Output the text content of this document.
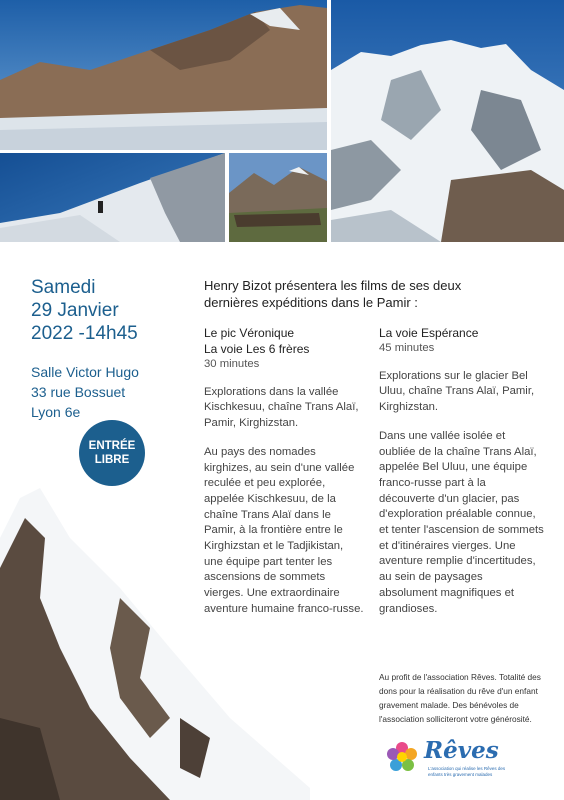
Samedi
29 Janvier
2022 -14h45
Salle Victor Hugo
33 rue Bossuet
Lyon 6e
ENTRÉE
LIBRE
Henry Bizot présentera les films de ses deux dernières expéditions dans le Pamir :
Le pic Véronique
La voie Les 6 frères
30 minutes
Explorations dans la vallée Kischkesuu, chaîne Trans Alaï, Pamir, Kirghizstan.
Au pays des nomades kirghizes, au sein d'une vallée reculée et peu explorée, appelée Kischkesuu, de la chaîne Trans Alaï dans le Pamir, à la frontière entre le Kirghizstan et le Tadjikistan, une équipe part tenter les ascensions de sommets vierges. Une extraordinaire aventure humaine franco-russe.
La voie Espérance
45 minutes
Explorations sur le glacier Bel Uluu, chaîne Trans Alaï, Pamir, Kirghizstan.
Dans une vallée isolée et oubliée de la chaîne Trans Alaï, appelée Bel Uluu, une équipe franco-russe part à la découverte d'un glacier, pas d'exploration préalable connue, et tenter l'ascension de sommets et d'itinéraires vierges. Une aventure remplie d'incertitudes, au sein de paysages absolument magnifiques et grandioses.
Au profit de l'association Rêves. Totalité des dons pour la réalisation du rêve d'un enfant gravement malade. Des bénévoles de l'association solliciteront votre générosité.
Rêves
L'association qui réalise les Rêves des enfants très gravement malades
